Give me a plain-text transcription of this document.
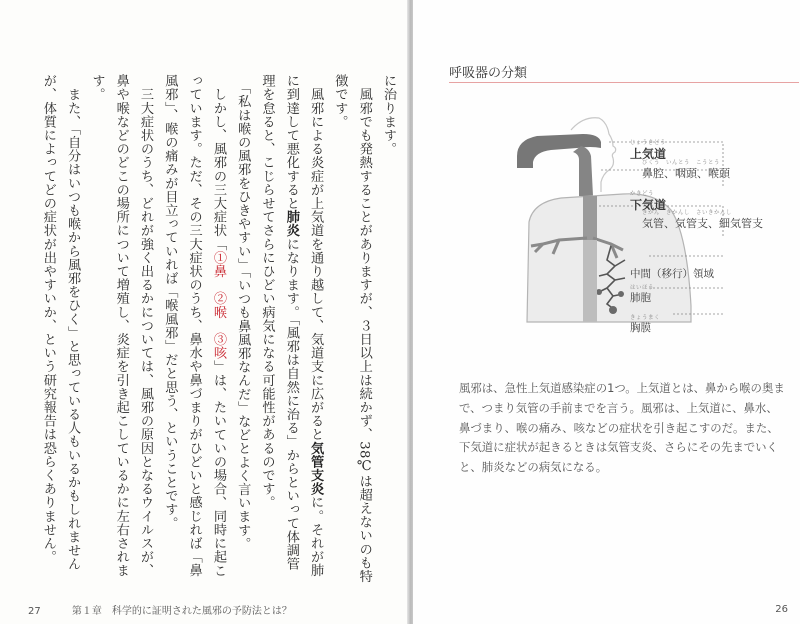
に治ります。

　風邪でも発熱することがありますが、３日以上は続かず、38℃は超えないのも特徴です。

　風邪による炎症が上気道を通り越して、気道支に広がると気管支炎に。それが肺に到達して悪化すると肺炎になります。「風邪は自然に治る」からといって体調管理を怠ると、こじらせてさらにひどい病気になる可能性があるのです。

　「私は喉の風邪をひきやすい」「いつも鼻風邪なんだ」などとよく言います。

　しかし、風邪の三大症状「①鼻　②喉　③咳」は、たいていの場合、同時に起こっています。ただ、その三大症状のうち、鼻水や鼻づまりがひどいと感じれば「鼻風邪」、喉の痛みが目立っていれば「喉風邪」だと思う、ということです。

　三大症状のうち、どれが強く出るかについては、風邪の原因となるウイルスが、鼻や喉などのどこの場所について増殖し、炎症を引き起こしているかに左右されます。

　また、「自分はいつも喉から風邪をひく」と思っている人もいるかもしれませんが、体質によってどの症状が出やすいか、という研究報告は恐らくありません。

27	第１章　科学的に証明された風邪の予防法とは？
呼吸器の分類
じょうきどう
上気道
びくう　いんとう　こうとう
鼻腔、咽頭、喉頭
かきどう
下気道
きかん　きかんし　さいきかんし
気管、気管支、細気管支
中間（移行）領域
はいほう
肺胞
きょうまく
胸膜
風邪は、急性上気道感染症の1つ。上気道とは、鼻から喉の奥まで、つまり気管の手前までを言う。風邪は、上気道に、鼻水、鼻づまり、喉の痛み、咳などの症状を引き起こすのだ。また、下気道に症状が起きるときは気管支炎、さらにその先までいくと、肺炎などの病気になる。
26
